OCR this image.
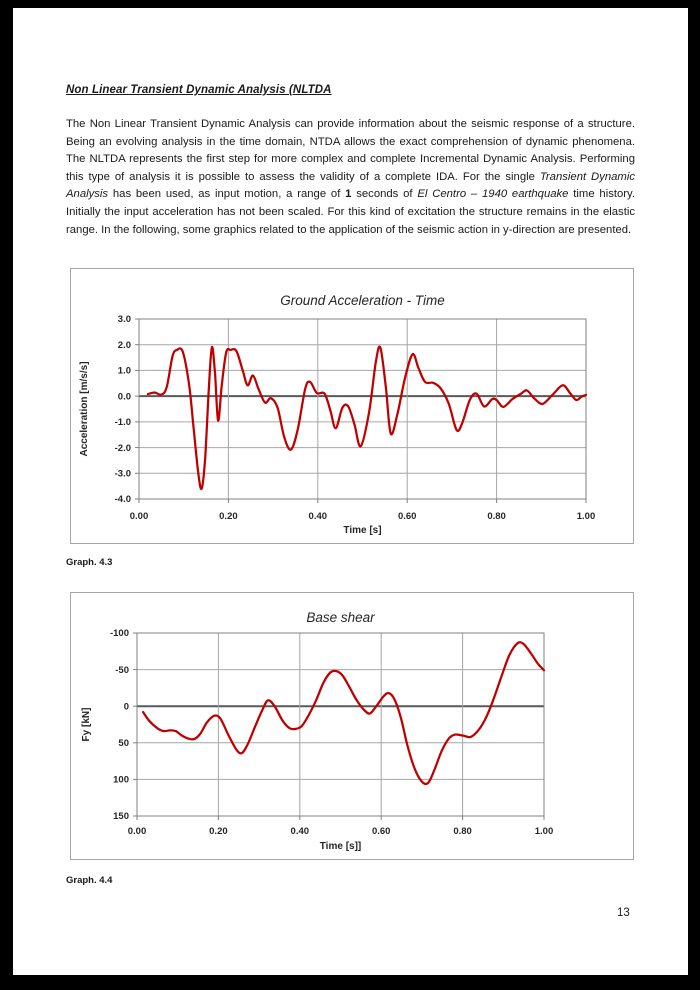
Non Linear Transient Dynamic Analysis (NLTDA

The Non Linear Transient Dynamic Analysis can provide information about the seismic response of a structure. Being an evolving analysis in the time domain, NTDA allows the exact comprehension of dynamic phenomena. The NLTDA represents the first step for more complex and complete Incremental Dynamic Analysis. Performing this type of analysis it is possible to assess the validity of a complete IDA. For the single Transient Dynamic Analysis has been used, as input motion, a range of 1 seconds of El Centro – 1940 earthquake time history. Initially the input acceleration has not been scaled. For this kind of excitation the structure remains in the elastic range. In the following, some graphics related to the application of the seismic action in y-direction are presented.

3.0
2.0
1.0
0.0
-1.0
-2.0
-3.0
-4.0
0.00	0.20	0.40	0.60	0.80	1.00
Ground Acceleration - Time
Time [s]
Acceleration [m/s/s]
Graph. 4.3
-100
-50
0
50
100
150
0.00	0.20	0.40	0.60	0.80	1.00
Base shear
Time [s]]
Fy [kN]
Graph. 4.4
13
